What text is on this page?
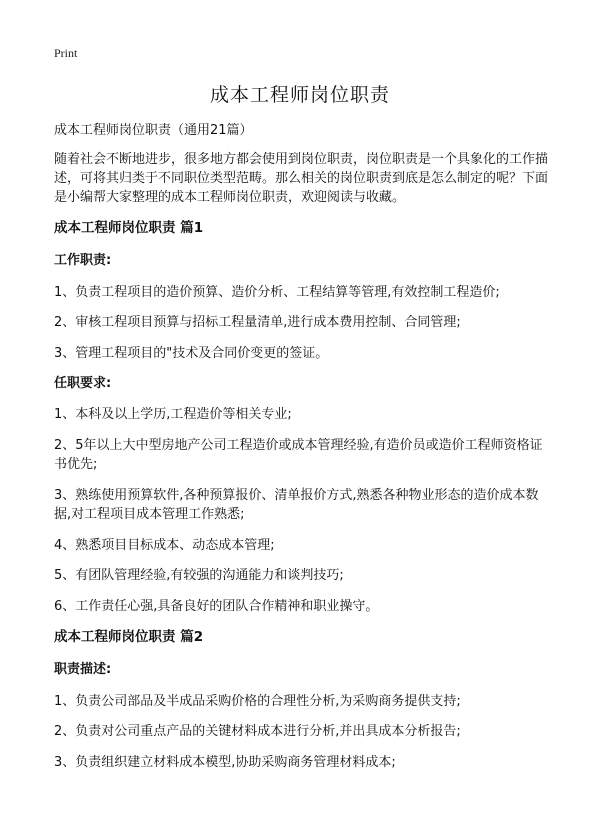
Print
成本工程师岗位职责
成本工程师岗位职责（通用21篇）
随着社会不断地进步，很多地方都会使用到岗位职责，岗位职责是一个具象化的工作描述，可将其归类于不同职位类型范畴。那么相关的岗位职责到底是怎么制定的呢？下面是小编帮大家整理的成本工程师岗位职责，欢迎阅读与收藏。
成本工程师岗位职责 篇1
工作职责:
1、负责工程项目的造价预算、造价分析、工程结算等管理,有效控制工程造价;
2、审核工程项目预算与招标工程量清单,进行成本费用控制、合同管理;
3、管理工程项目的"技术及合同价变更的签证。
任职要求:
1、本科及以上学历,工程造价等相关专业;
2、5年以上大中型房地产公司工程造价或成本管理经验,有造价员或造价工程师资格证书优先;
3、熟练使用预算软件,各种预算报价、清单报价方式,熟悉各种物业形态的造价成本数据,对工程项目成本管理工作熟悉;
4、熟悉项目目标成本、动态成本管理;
5、有团队管理经验,有较强的沟通能力和谈判技巧;
6、工作责任心强,具备良好的团队合作精神和职业操守。
成本工程师岗位职责 篇2
职责描述:
1、负责公司部品及半成品采购价格的合理性分析,为采购商务提供支持;
2、负责对公司重点产品的关键材料成本进行分析,并出具成本分析报告;
3、负责组织建立材料成本模型,协助采购商务管理材料成本;
